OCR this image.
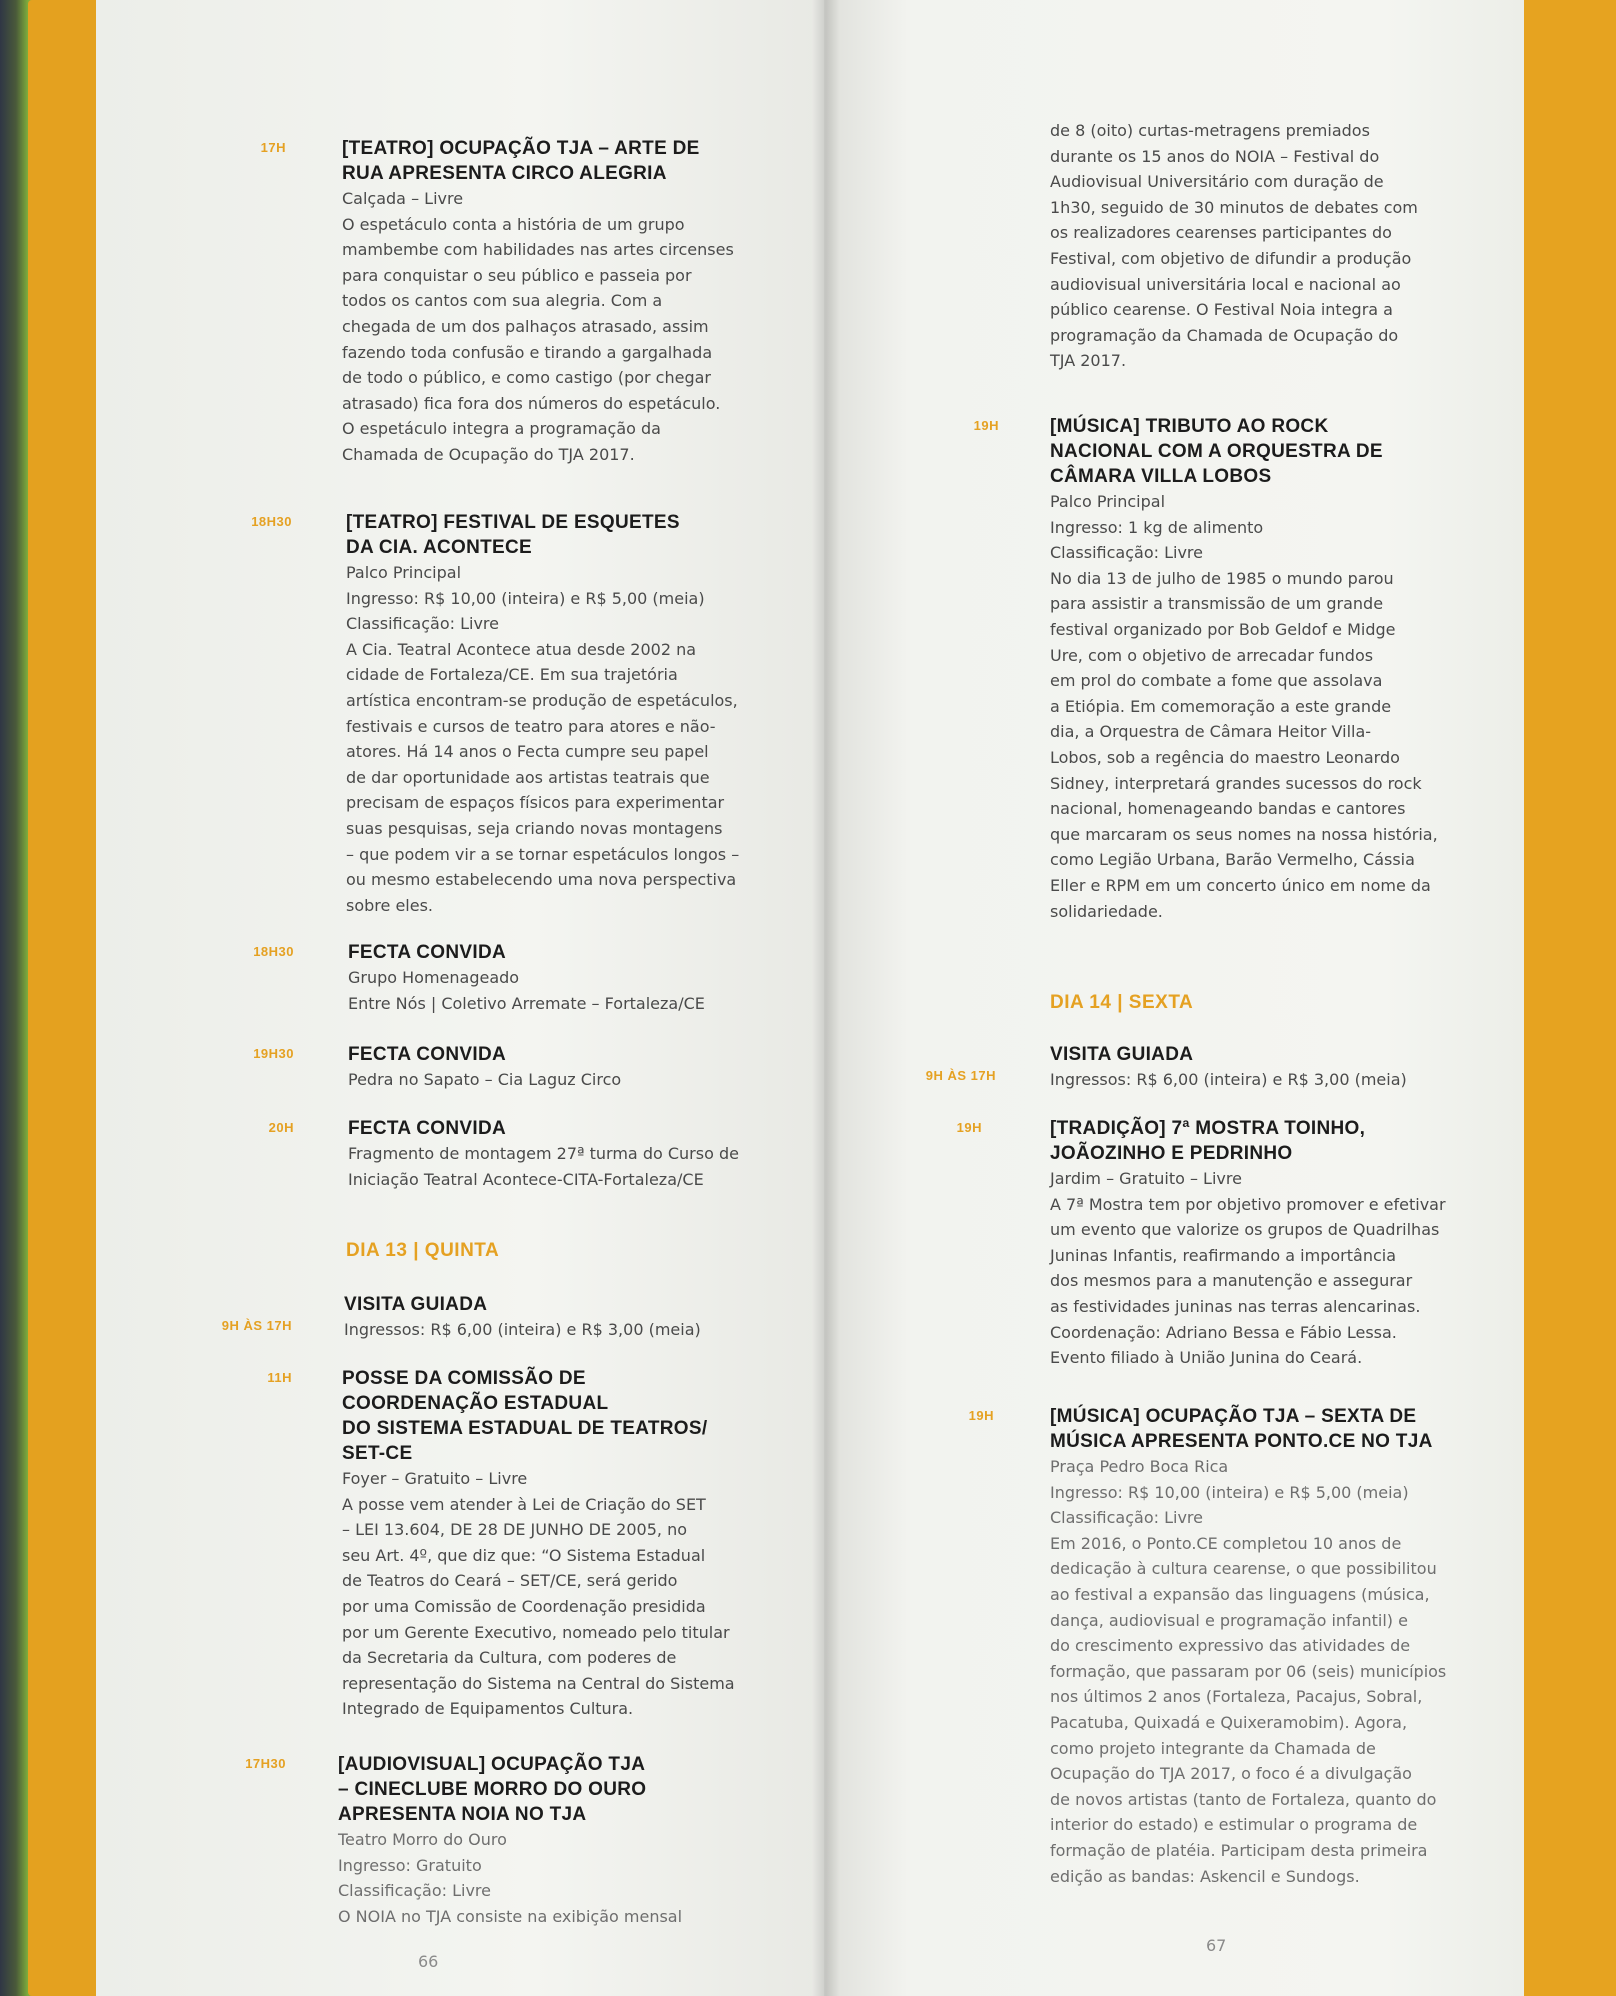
17H	[TEATRO] OCUPAÇÃO TJA – ARTE DE
RUA APRESENTA CIRCO ALEGRIA
Calçada – Livre
O espetáculo conta a história de um grupo
mambembe com habilidades nas artes circenses
para conquistar o seu público e passeia por
todos os cantos com sua alegria. Com a
chegada de um dos palhaços atrasado, assim
fazendo toda confusão e tirando a gargalhada
de todo o público, e como castigo (por chegar
atrasado) fica fora dos números do espetáculo.
O espetáculo integra a programação da
Chamada de Ocupação do TJA 2017.
18H30	[TEATRO] FESTIVAL DE ESQUETES
DA CIA. ACONTECE
Palco Principal
Ingresso: R$ 10,00 (inteira) e R$ 5,00 (meia)
Classificação: Livre
A Cia. Teatral Acontece atua desde 2002 na
cidade de Fortaleza/CE. Em sua trajetória
artística encontram-se produção de espetáculos,
festivais e cursos de teatro para atores e não-
atores. Há 14 anos o Fecta cumpre seu papel
de dar oportunidade aos artistas teatrais que
precisam de espaços físicos para experimentar
suas pesquisas, seja criando novas montagens
– que podem vir a se tornar espetáculos longos –
ou mesmo estabelecendo uma nova perspectiva
sobre eles.
18H30	FECTA CONVIDA
Grupo Homenageado
Entre Nós | Coletivo Arremate – Fortaleza/CE
19H30	FECTA CONVIDA
Pedra no Sapato – Cia Laguz Circo
20H	FECTA CONVIDA
Fragmento de montagem 27ª turma do Curso de
Iniciação Teatral Acontece-CITA-Fortaleza/CE
DIA 13 | QUINTA
9H ÀS 17H
VISITA GUIADA
Ingressos: R$ 6,00 (inteira) e R$ 3,00 (meia)
11H	POSSE DA COMISSÃO DE
COORDENAÇÃO ESTADUAL
DO SISTEMA ESTADUAL DE TEATROS/
SET-CE
Foyer – Gratuito – Livre
A posse vem atender à Lei de Criação do SET
– LEI 13.604, DE 28 DE JUNHO DE 2005, no
seu Art. 4º, que diz que: “O Sistema Estadual
de Teatros do Ceará – SET/CE, será gerido
por uma Comissão de Coordenação presidida
por um Gerente Executivo, nomeado pelo titular
da Secretaria da Cultura, com poderes de
representação do Sistema na Central do Sistema
Integrado de Equipamentos Cultura.
17H30	[AUDIOVISUAL] OCUPAÇÃO TJA
– CINECLUBE MORRO DO OURO
APRESENTA NOIA NO TJA
Teatro Morro do Ouro
Ingresso: Gratuito
Classificação: Livre
O NOIA no TJA consiste na exibição mensal
66
de 8 (oito) curtas-metragens premiados
durante os 15 anos do NOIA – Festival do
Audiovisual Universitário com duração de
1h30, seguido de 30 minutos de debates com
os realizadores cearenses participantes do
Festival, com objetivo de difundir a produção
audiovisual universitária local e nacional ao
público cearense. O Festival Noia integra a
programação da Chamada de Ocupação do
TJA 2017.
19H	[MÚSICA] TRIBUTO AO ROCK
NACIONAL COM A ORQUESTRA DE
CÂMARA VILLA LOBOS
Palco Principal
Ingresso: 1 kg de alimento
Classificação: Livre
No dia 13 de julho de 1985 o mundo parou
para assistir a transmissão de um grande
festival organizado por Bob Geldof e Midge
Ure, com o objetivo de arrecadar fundos
em prol do combate a fome que assolava
a Etiópia. Em comemoração a este grande
dia, a Orquestra de Câmara Heitor Villa-
Lobos, sob a regência do maestro Leonardo
Sidney, interpretará grandes sucessos do rock
nacional, homenageando bandas e cantores
que marcaram os seus nomes na nossa história,
como Legião Urbana, Barão Vermelho, Cássia
Eller e RPM em um concerto único em nome da
solidariedade.
DIA 14 | SEXTA
9H ÀS 17H
VISITA GUIADA
Ingressos: R$ 6,00 (inteira) e R$ 3,00 (meia)
19H	[TRADIÇÃO] 7ª MOSTRA TOINHO,
JOÃOZINHO E PEDRINHO
Jardim – Gratuito – Livre
A 7ª Mostra tem por objetivo promover e efetivar
um evento que valorize os grupos de Quadrilhas
Juninas Infantis, reafirmando a importância
dos mesmos para a manutenção e assegurar
as festividades juninas nas terras alencarinas.
Coordenação: Adriano Bessa e Fábio Lessa.
Evento filiado à União Junina do Ceará.
19H	[MÚSICA] OCUPAÇÃO TJA – SEXTA DE
MÚSICA APRESENTA PONTO.CE NO TJA
Praça Pedro Boca Rica
Ingresso: R$ 10,00 (inteira) e R$ 5,00 (meia)
Classificação: Livre
Em 2016, o Ponto.CE completou 10 anos de
dedicação à cultura cearense, o que possibilitou
ao festival a expansão das linguagens (música,
dança, audiovisual e programação infantil) e
do crescimento expressivo das atividades de
formação, que passaram por 06 (seis) municípios
nos últimos 2 anos (Fortaleza, Pacajus, Sobral,
Pacatuba, Quixadá e Quixeramobim). Agora,
como projeto integrante da Chamada de
Ocupação do TJA 2017, o foco é a divulgação
de novos artistas (tanto de Fortaleza, quanto do
interior do estado) e estimular o programa de
formação de platéia. Participam desta primeira
edição as bandas: Askencil e Sundogs.
67
